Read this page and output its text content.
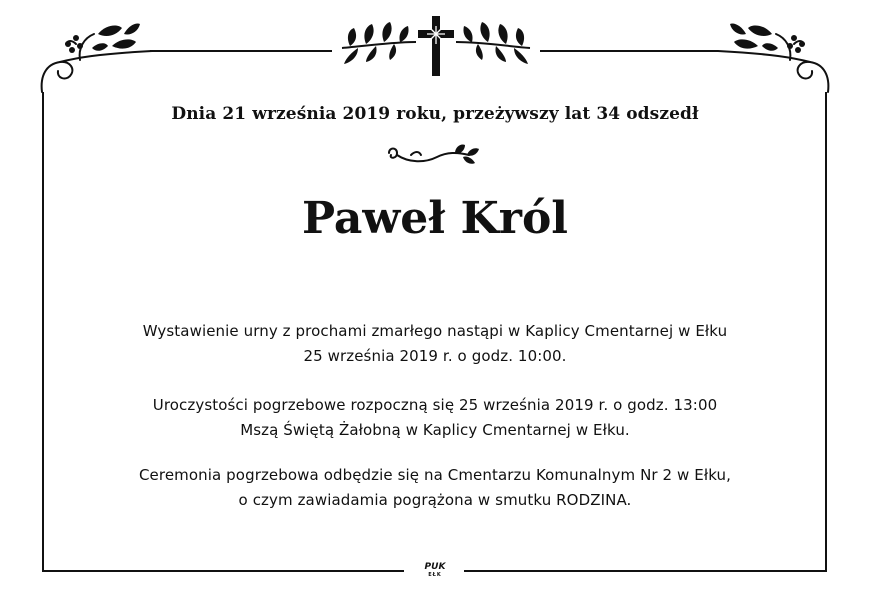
Dnia 21 września 2019 roku, przeżywszy lat 34 odszedł
Paweł Król
Wystawienie urny z prochami zmarłego nastąpi w Kaplicy Cmentarnej w Ełku
25 września 2019 r. o godz. 10:00.
Uroczystości pogrzebowe rozpoczną się 25 września 2019 r. o godz. 13:00
Mszą Świętą Żałobną w Kaplicy Cmentarnej w Ełku.
Ceremonia pogrzebowa odbędzie się na Cmentarzu Komunalnym Nr 2 w Ełku,
o czym zawiadamia pogrążona w smutku RODZINA.
PUK
EŁK
